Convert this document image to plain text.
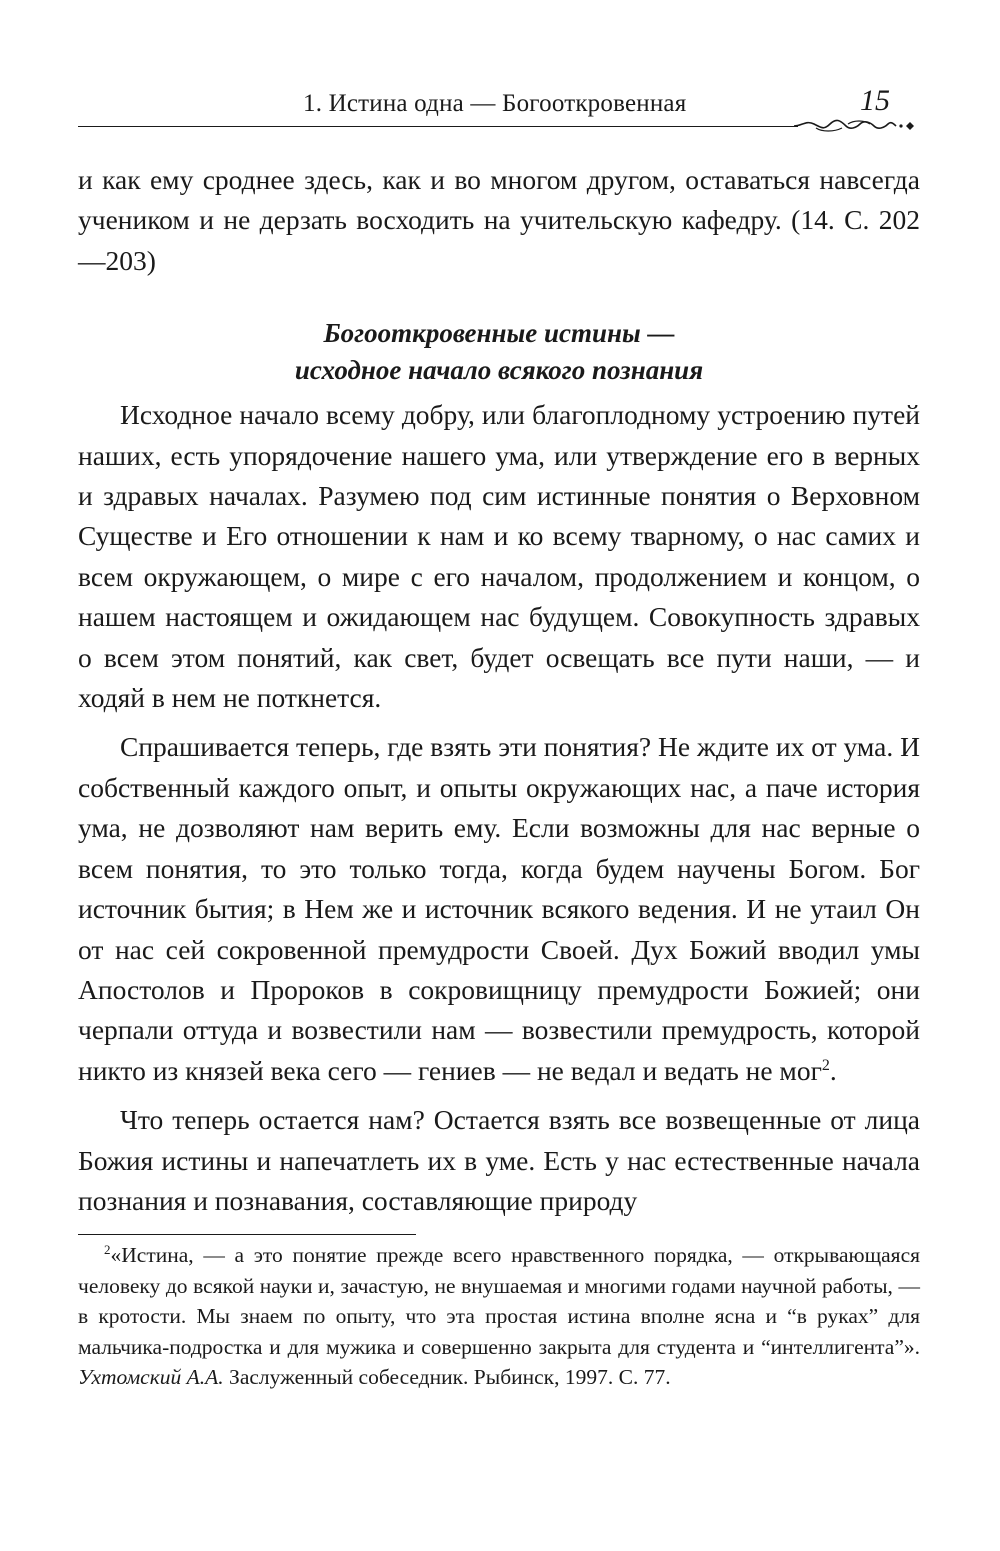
1. Истина одна — Богооткровенная	15

и как ему сроднее здесь, как и во многом другом, оставаться навсегда учеником и не дерзать восходить на учительскую кафедру. (14. С. 202—203)

Богооткровенные истины —
исходное начало всякого познания

Исходное начало всему добру, или благоплодному устроению путей наших, есть упорядочение нашего ума, или утверждение его в верных и здравых началах. Разумею под сим истинные понятия о Верховном Существе и Его отношении к нам и ко всему тварному, о нас самих и всем окружающем, о мире с его началом, продолжением и концом, о нашем настоящем и ожидающем нас будущем. Совокупность здравых о всем этом понятий, как свет, будет освещать все пути наши, — и ходяй в нем не поткнется.

Спрашивается теперь, где взять эти понятия? Не ждите их от ума. И собственный каждого опыт, и опыты окружающих нас, а паче история ума, не дозволяют нам верить ему. Если возможны для нас верные о всем понятия, то это только тогда, когда будем научены Богом. Бог источник бытия; в Нем же и источник всякого ведения. И не утаил Он от нас сей сокровенной премудрости Своей. Дух Божий вводил умы Апостолов и Пророков в сокровищницу премудрости Божией; они черпали оттуда и возвестили нам — возвестили премудрость, которой никто из князей века сего — гениев — не ведал и ведать не мог$^2$.

Что теперь остается нам? Остается взять все возвещенные от лица Божия истины и напечатлеть их в уме. Есть у нас естественные начала познания и познавания, составляющие природу

$^2$«Истина, — а это понятие прежде всего нравственного порядка, — открывающаяся человеку до всякой науки и, зачастую, не внушаемая и многими годами научной работы, — в кротости. Мы знаем по опыту, что эта простая истина вполне ясна и “в руках” для мальчика-подростка и для мужика и совершенно закрыта для студента и “интеллигента”». Ухтомский А.А. Заслуженный собеседник. Рыбинск, 1997. С. 77.
